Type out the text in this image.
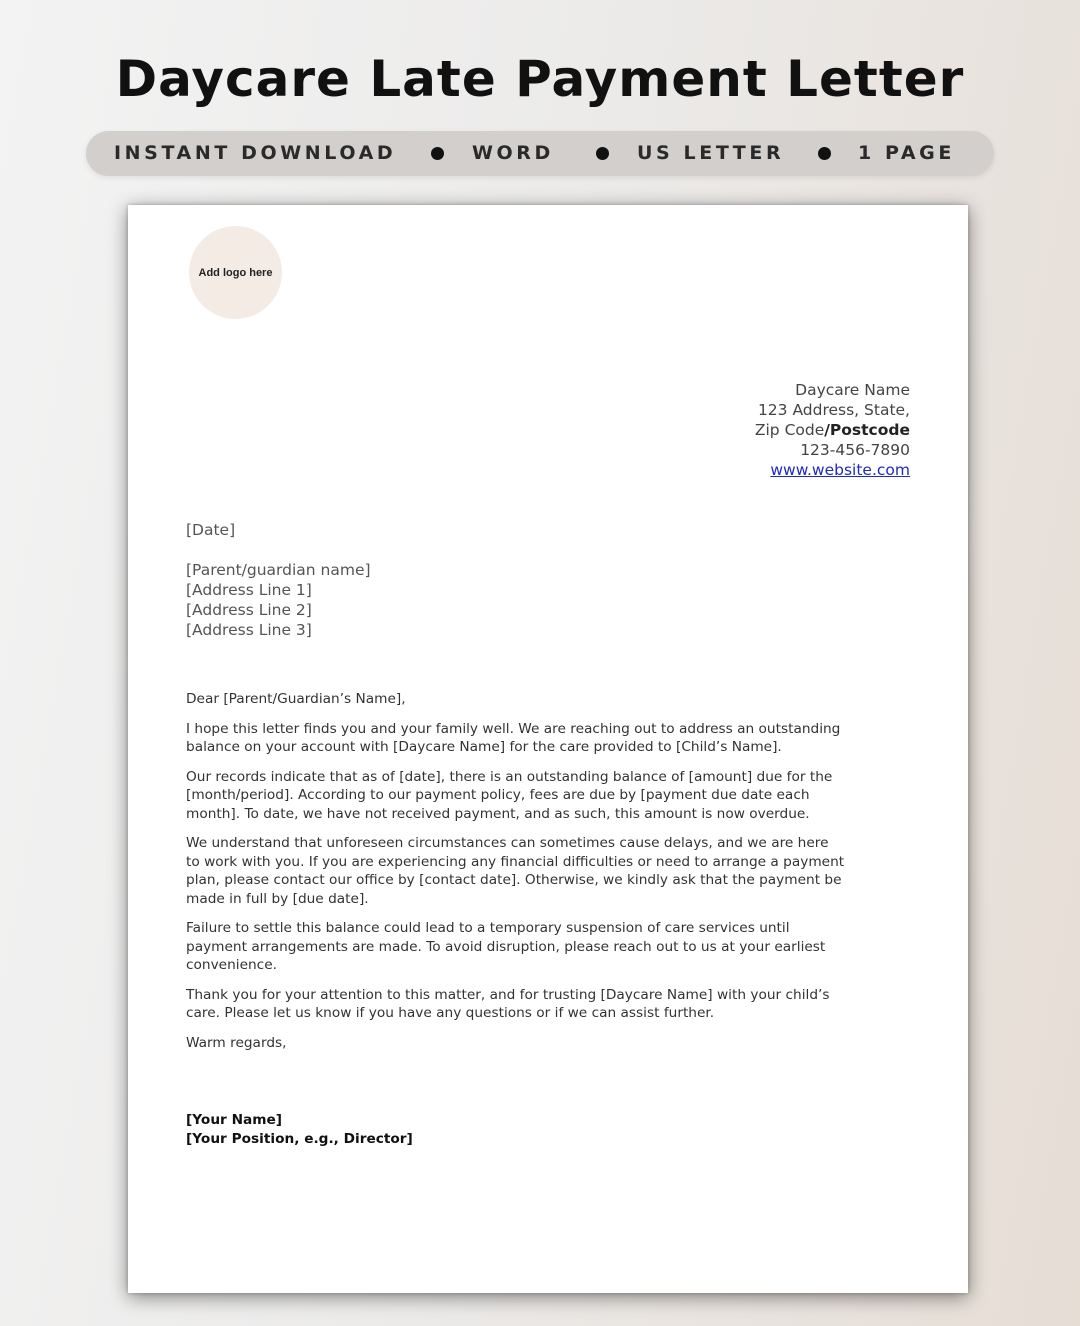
Daycare Late Payment Letter
INSTANT DOWNLOAD	WORD	US LETTER	1 PAGE
Add logo here
Daycare Name
123 Address, State,
Zip Code/Postcode
123-456-7890
www.website.com
[Date]
[Parent/guardian name]
[Address Line 1]
[Address Line 2]
[Address Line 3]

Dear [Parent/Guardian’s Name],

I hope this letter finds you and your family well. We are reaching out to address an outstanding
balance on your account with [Daycare Name] for the care provided to [Child’s Name].

Our records indicate that as of [date], there is an outstanding balance of [amount] due for the
[month/period]. According to our payment policy, fees are due by [payment due date each
month]. To date, we have not received payment, and as such, this amount is now overdue.

We understand that unforeseen circumstances can sometimes cause delays, and we are here
to work with you. If you are experiencing any financial difficulties or need to arrange a payment
plan, please contact our office by [contact date]. Otherwise, we kindly ask that the payment be
made in full by [due date].

Failure to settle this balance could lead to a temporary suspension of care services until
payment arrangements are made. To avoid disruption, please reach out to us at your earliest
convenience.

Thank you for your attention to this matter, and for trusting [Daycare Name] with your child’s
care. Please let us know if you have any questions or if we can assist further.

Warm regards,

[Your Name]
[Your Position, e.g., Director]
